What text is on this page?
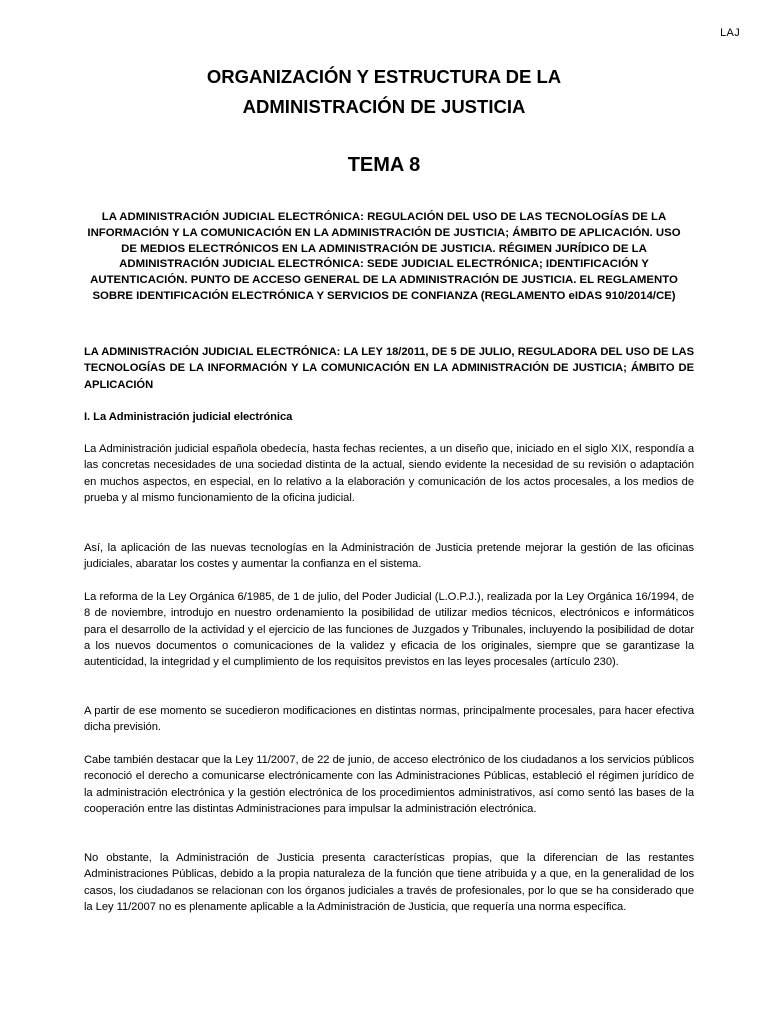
LAJ
ORGANIZACIÓN Y ESTRUCTURA DE LA
ADMINISTRACIÓN DE JUSTICIA
TEMA 8
LA ADMINISTRACIÓN JUDICIAL ELECTRÓNICA: REGULACIÓN DEL USO DE LAS TECNOLOGÍAS DE LA INFORMACIÓN Y LA COMUNICACIÓN EN LA ADMINISTRACIÓN DE JUSTICIA; ÁMBITO DE APLICACIÓN. USO DE MEDIOS ELECTRÓNICOS EN LA ADMINISTRACIÓN DE JUSTICIA. RÉGIMEN JURÍDICO DE LA ADMINISTRACIÓN JUDICIAL ELECTRÓNICA: SEDE JUDICIAL ELECTRÓNICA; IDENTIFICACIÓN Y AUTENTICACIÓN. PUNTO DE ACCESO GENERAL DE LA ADMINISTRACIÓN DE JUSTICIA. EL REGLAMENTO SOBRE IDENTIFICACIÓN ELECTRÓNICA Y SERVICIOS DE CONFIANZA (REGLAMENTO eIDAS 910/2014/CE)
LA ADMINISTRACIÓN JUDICIAL ELECTRÓNICA: LA LEY 18/2011, DE 5 DE JULIO, REGULADORA DEL USO DE LAS TECNOLOGÍAS DE LA INFORMACIÓN Y LA COMUNICACIÓN EN LA ADMINISTRACIÓN DE JUSTICIA; ÁMBITO DE APLICACIÓN
I. La Administración judicial electrónica
La Administración judicial española obedecía, hasta fechas recientes, a un diseño que, iniciado en el siglo XIX, respondía a las concretas necesidades de una sociedad distinta de la actual, siendo evidente la necesidad de su revisión o adaptación en muchos aspectos, en especial, en lo relativo a la elaboración y comunicación de los actos procesales, a los medios de prueba y al mismo funcionamiento de la oficina judicial.
Así, la aplicación de las nuevas tecnologías en la Administración de Justicia pretende mejorar la gestión de las oficinas judiciales, abaratar los costes y aumentar la confianza en el sistema.
La reforma de la Ley Orgánica 6/1985, de 1 de julio, del Poder Judicial (L.O.P.J.), realizada por la Ley Orgánica 16/1994, de 8 de noviembre, introdujo en nuestro ordenamiento la posibilidad de utilizar medios técnicos, electrónicos e informáticos para el desarrollo de la actividad y el ejercicio de las funciones de Juzgados y Tribunales, incluyendo la posibilidad de dotar a los nuevos documentos o comunicaciones de la validez y eficacia de los originales, siempre que se garantizase la autenticidad, la integridad y el cumplimiento de los requisitos previstos en las leyes procesales (artículo 230).
A partir de ese momento se sucedieron modificaciones en distintas normas, principalmente procesales, para hacer efectiva dicha previsión.
Cabe también destacar que la Ley 11/2007, de 22 de junio, de acceso electrónico de los ciudadanos a los servicios públicos reconoció el derecho a comunicarse electrónicamente con las Administraciones Públicas, estableció el régimen jurídico de la administración electrónica y la gestión electrónica de los procedimientos administrativos, así como sentó las bases de la cooperación entre las distintas Administraciones para impulsar la administración electrónica.
No obstante, la Administración de Justicia presenta características propias, que la diferencian de las restantes Administraciones Públicas, debido a la propia naturaleza de la función que tiene atribuida y a que, en la generalidad de los casos, los ciudadanos se relacionan con los órganos judiciales a través de profesionales, por lo que se ha considerado que la Ley 11/2007 no es plenamente aplicable a la Administración de Justicia, que requería una norma específica.
